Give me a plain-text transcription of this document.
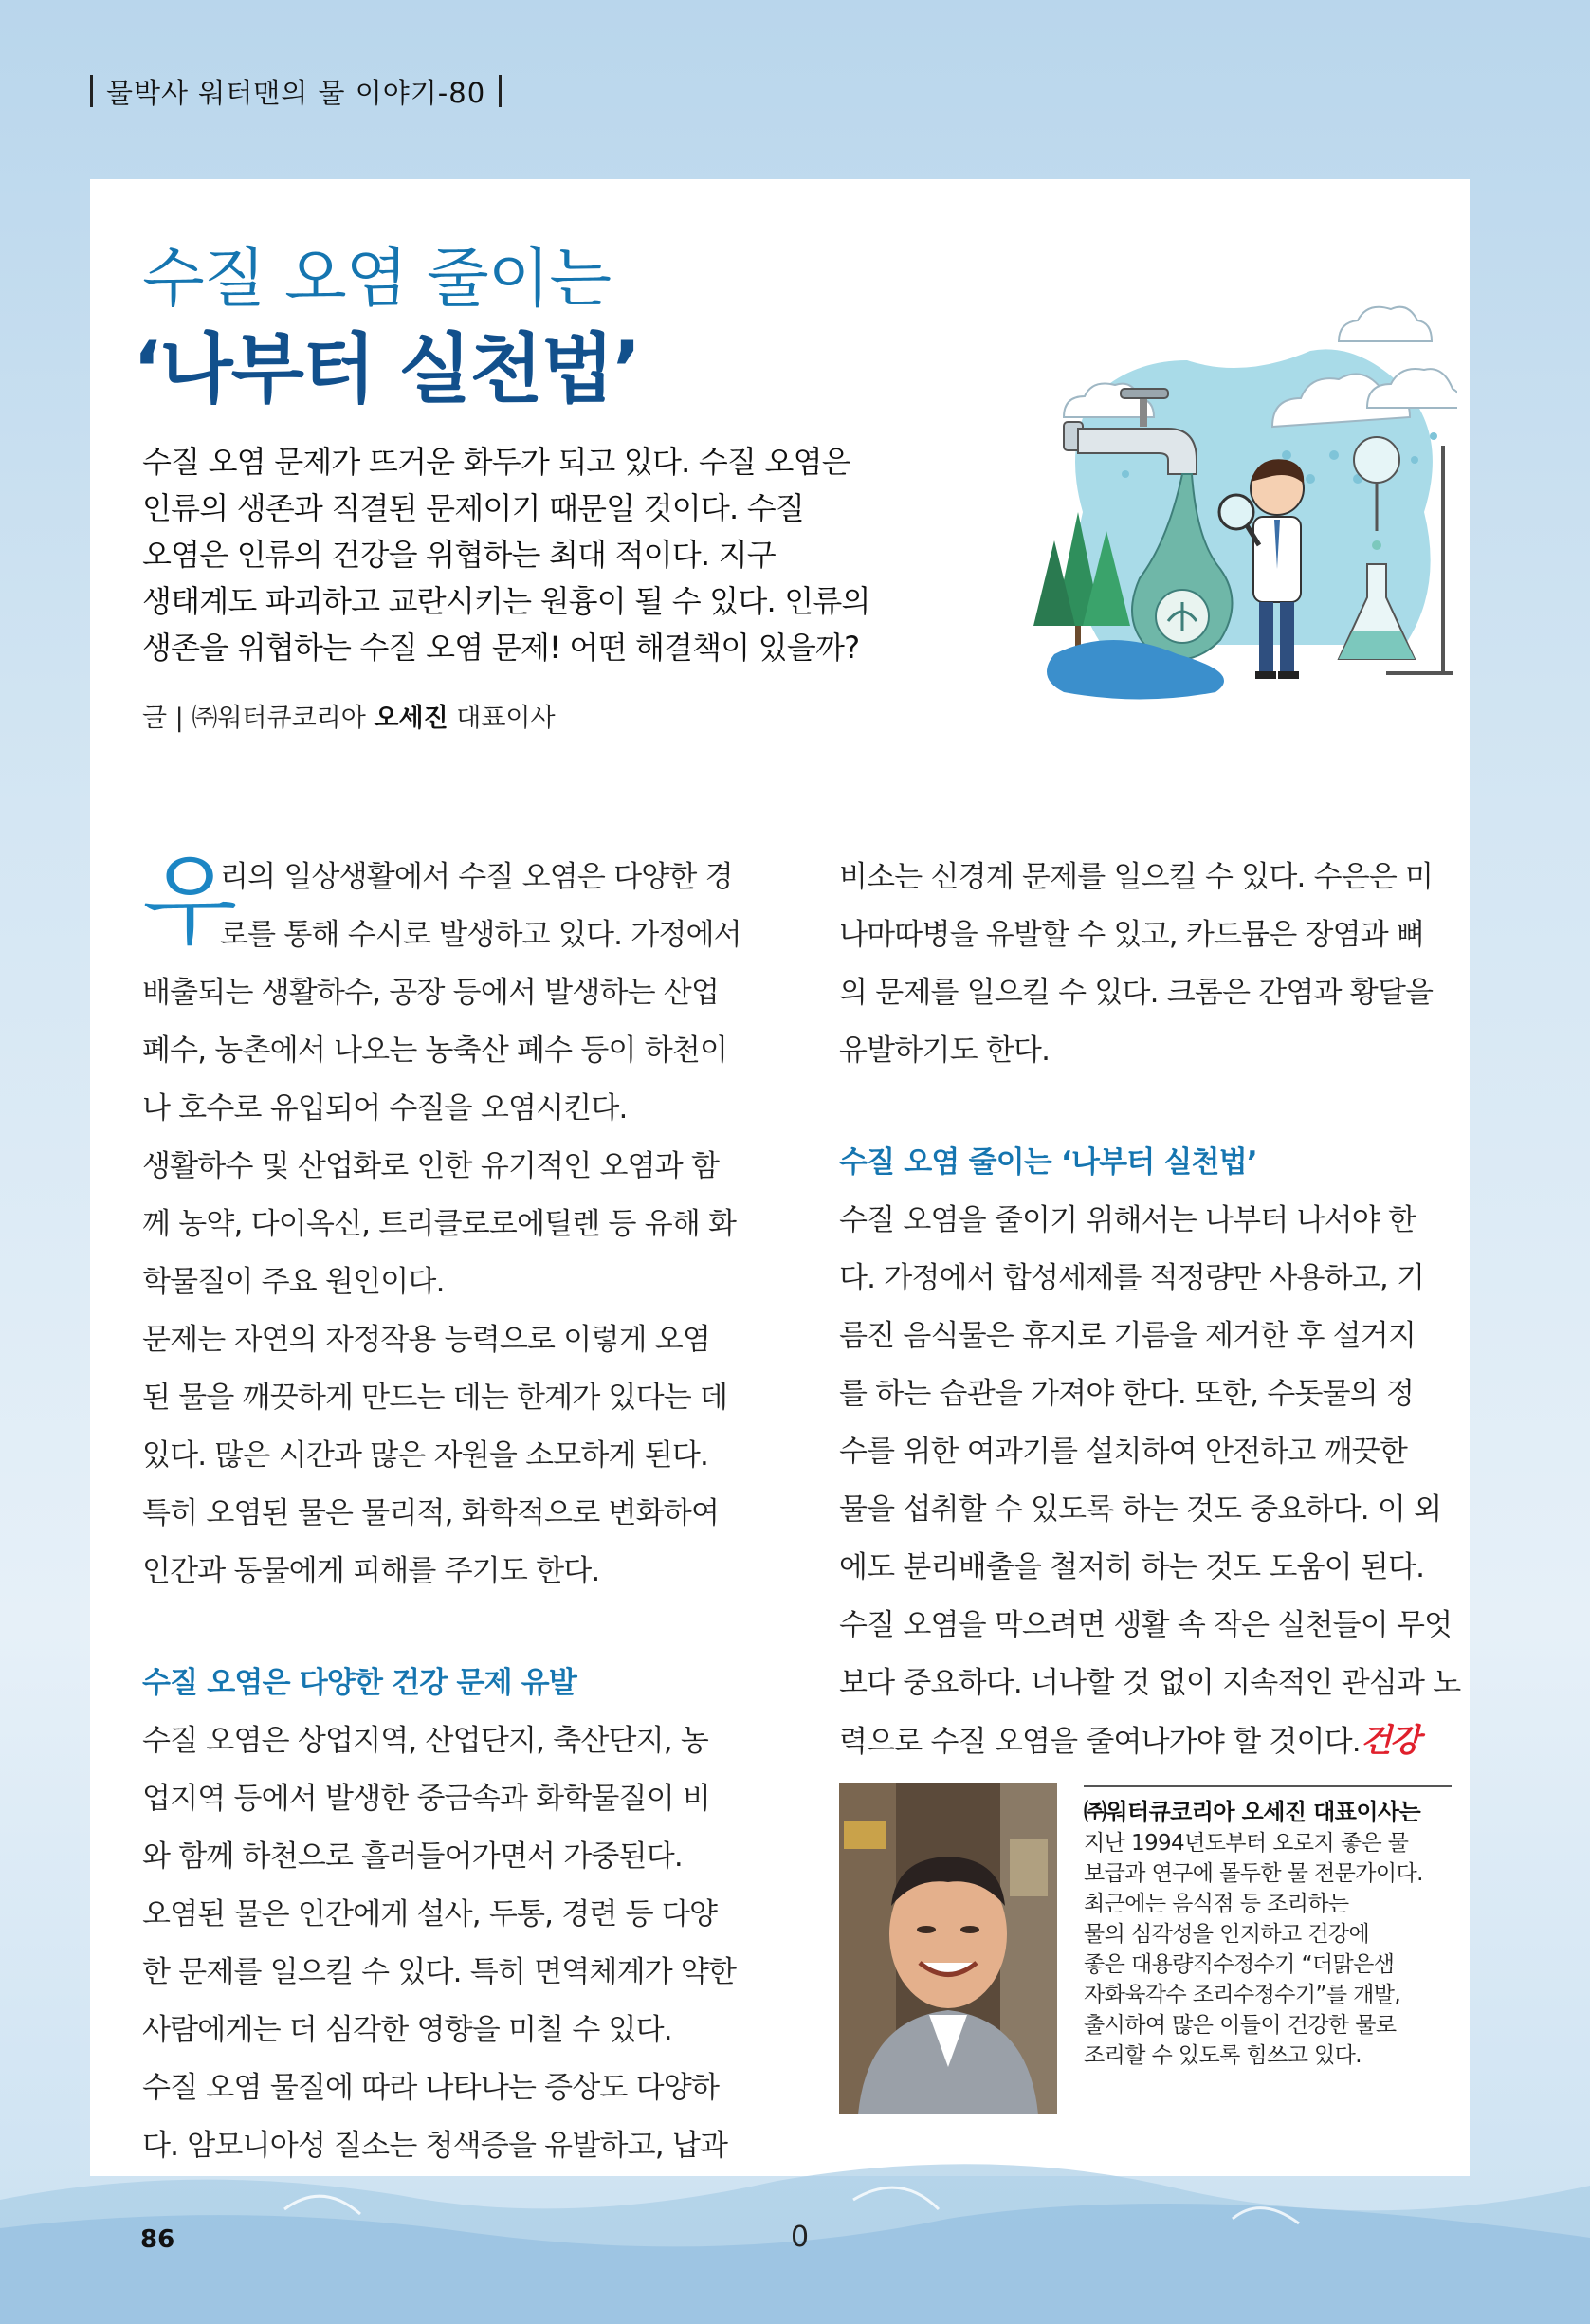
물박사 워터맨의 물 이야기-80
수질 오염 줄이는
‘나부터 실천법’
수질 오염 문제가 뜨거운 화두가 되고 있다. 수질 오염은
인류의 생존과 직결된 문제이기 때문일 것이다. 수질
오염은 인류의 건강을 위협하는 최대 적이다. 지구
생태계도 파괴하고 교란시키는 원흉이 될 수 있다. 인류의
생존을 위협하는 수질 오염 문제! 어떤 해결책이 있을까?
글 | ㈜워터큐코리아 오세진 대표이사
우
리의 일상생활에서 수질 오염은 다양한 경
로를 통해 수시로 발생하고 있다. 가정에서
배출되는 생활하수, 공장 등에서 발생하는 산업
폐수, 농촌에서 나오는 농축산 폐수 등이 하천이
나 호수로 유입되어 수질을 오염시킨다.
생활하수 및 산업화로 인한 유기적인 오염과 함
께 농약, 다이옥신, 트리클로로에틸렌 등 유해 화
학물질이 주요 원인이다.
문제는 자연의 자정작용 능력으로 이렇게 오염
된 물을 깨끗하게 만드는 데는 한계가 있다는 데
있다. 많은 시간과 많은 자원을 소모하게 된다.
특히 오염된 물은 물리적, 화학적으로 변화하여
인간과 동물에게 피해를 주기도 한다.
수질 오염은 다양한 건강 문제 유발
수질 오염은 상업지역, 산업단지, 축산단지, 농
업지역 등에서 발생한 중금속과 화학물질이 비
와 함께 하천으로 흘러들어가면서 가중된다.
오염된 물은 인간에게 설사, 두통, 경련 등 다양
한 문제를 일으킬 수 있다. 특히 면역체계가 약한
사람에게는 더 심각한 영향을 미칠 수 있다.
수질 오염 물질에 따라 나타나는 증상도 다양하
다. 암모니아성 질소는 청색증을 유발하고, 납과
비소는 신경계 문제를 일으킬 수 있다. 수은은 미
나마따병을 유발할 수 있고, 카드뮴은 장염과 뼈
의 문제를 일으킬 수 있다. 크롬은 간염과 황달을
유발하기도 한다.
수질 오염 줄이는 ‘나부터 실천법’
수질 오염을 줄이기 위해서는 나부터 나서야 한
다. 가정에서 합성세제를 적정량만 사용하고, 기
름진 음식물은 휴지로 기름을 제거한 후 설거지
를 하는 습관을 가져야 한다. 또한, 수돗물의 정
수를 위한 여과기를 설치하여 안전하고 깨끗한
물을 섭취할 수 있도록 하는 것도 중요하다. 이 외
에도 분리배출을 철저히 하는 것도 도움이 된다.
수질 오염을 막으려면 생활 속 작은 실천들이 무엇
보다 중요하다. 너나할 것 없이 지속적인 관심과 노
력으로 수질 오염을 줄여나가야 할 것이다.건강
㈜워터큐코리아 오세진 대표이사는
지난 1994년도부터 오로지 좋은 물
보급과 연구에 몰두한 물 전문가이다.
최근에는 음식점 등 조리하는
물의 심각성을 인지하고 건강에
좋은 대용량직수정수기 “더맑은샘
자화육각수 조리수정수기”를 개발,
출시하여 많은 이들이 건강한 물로
조리할 수 있도록 힘쓰고 있다.
86	0
